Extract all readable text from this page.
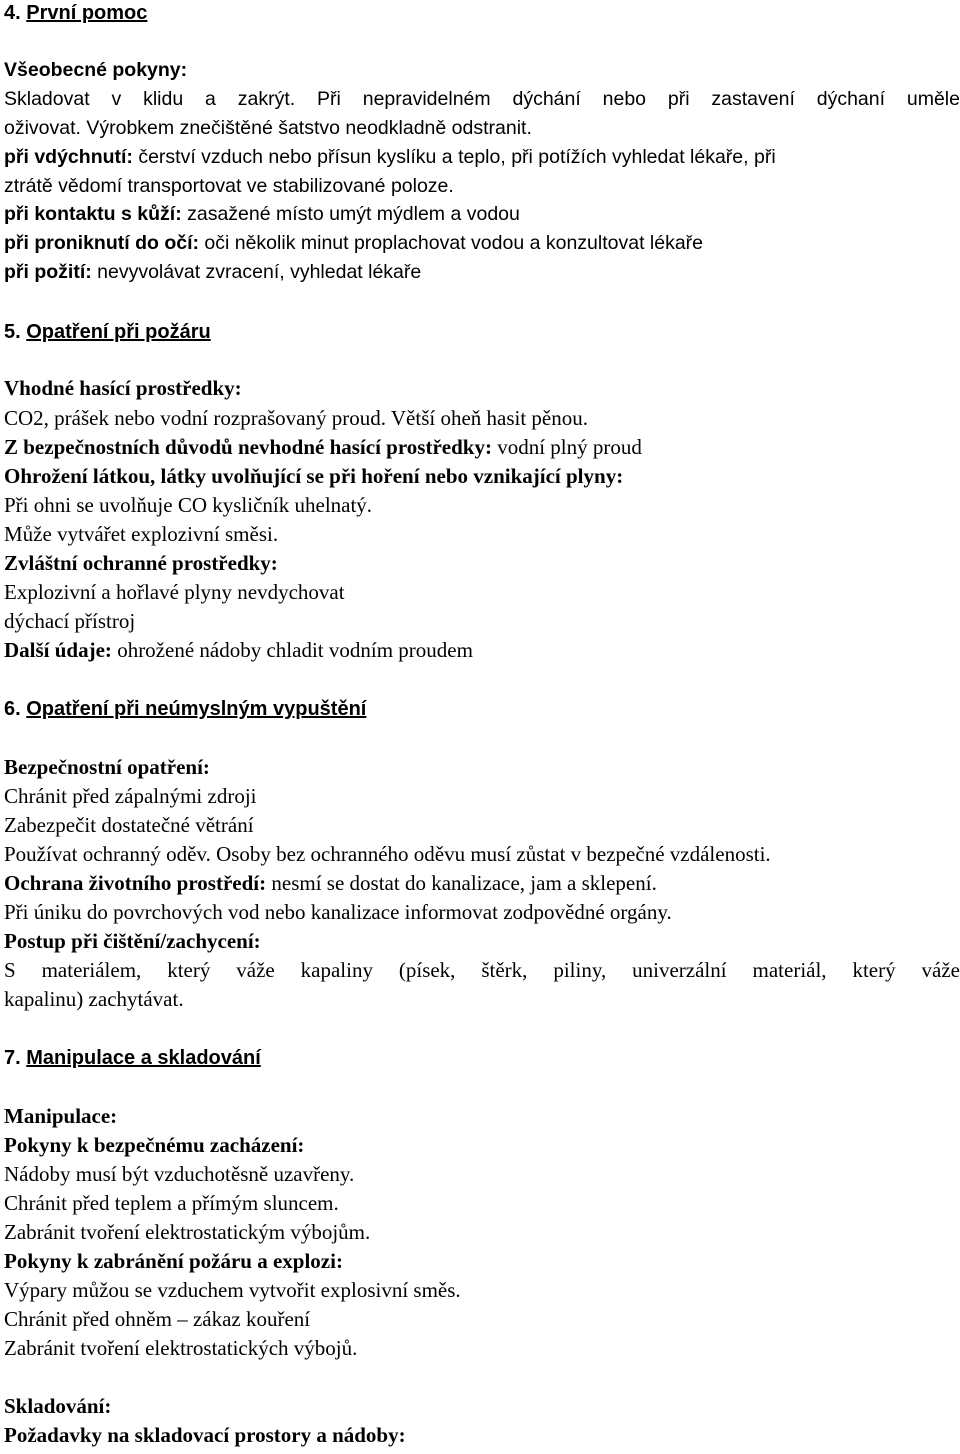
4. První pomoc
Všeobecné pokyny:
Skladovat v klidu a zakrýt. Při nepravidelném dýchání nebo při zastavení dýchaní uměle
oživovat. Výrobkem znečištěné šatstvo neodkladně odstranit.
při vdýchnutí: čerství vzduch nebo přísun kyslíku a teplo, při potížích vyhledat lékaře, při
ztrátě vědomí transportovat ve stabilizované poloze.
při kontaktu s kůží: zasažené místo umýt mýdlem a vodou
při proniknutí do očí: oči několik minut proplachovat vodou a konzultovat lékaře
při požití: nevyvolávat zvracení, vyhledat lékaře
5. Opatření při požáru
Vhodné hasící prostředky:
CO2, prášek nebo vodní rozprašovaný proud. Větší oheň hasit pěnou.
Z bezpečnostních důvodů nevhodné hasící prostředky: vodní plný proud
Ohrožení látkou, látky uvolňující se při hoření nebo vznikající plyny:
Při ohni se uvolňuje CO kysličník uhelnatý.
Může vytvářet explozivní směsi.
Zvláštní ochranné prostředky:
Explozivní a hořlavé plyny nevdychovat
dýchací přístroj
Další údaje: ohrožené nádoby chladit vodním proudem
6. Opatření při neúmyslným vypuštění
Bezpečnostní opatření:
Chránit před zápalnými zdroji
Zabezpečit dostatečné větrání
Používat ochranný oděv. Osoby bez ochranného oděvu musí zůstat v bezpečné vzdálenosti.
Ochrana životního prostředí: nesmí se dostat do kanalizace, jam a sklepení.
Při úniku do povrchových vod nebo kanalizace informovat zodpovědné orgány.
Postup při čištění/zachycení:
S materiálem, který váže kapaliny (písek, štěrk, piliny, univerzální materiál, který váže
kapalinu) zachytávat.
7. Manipulace a skladování
Manipulace:
Pokyny k bezpečnému zacházení:
Nádoby musí být vzduchotěsně uzavřeny.
Chránit před teplem a přímým sluncem.
Zabránit tvoření elektrostatickým výbojům.
Pokyny k zabránění požáru a explozi:
Výpary můžou se vzduchem vytvořit explosivní směs.
Chránit před ohněm – zákaz kouření
Zabránit tvoření elektrostatických výbojů.
Skladování:
Požadavky na skladovací prostory a nádoby:
